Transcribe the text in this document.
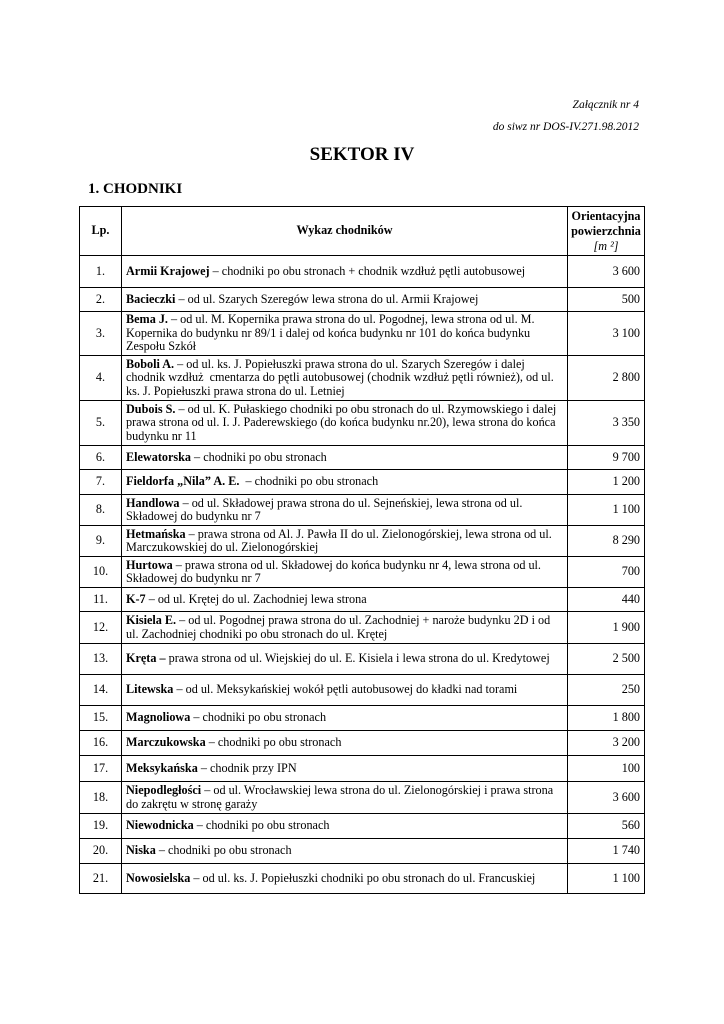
Załącznik nr 4
do siwz nr DOS-IV.271.98.2012
SEKTOR IV
1. CHODNIKI
Lp.	Wykaz chodników	Orientacyjna
powierzchnia
[m ²]
1.	Armii Krajowej – chodniki po obu stronach + chodnik wzdłuż pętli autobusowej	3 600
2.	Bacieczki – od ul. Szarych Szeregów lewa strona do ul. Armii Krajowej	500
3.	Bema J. – od ul. M. Kopernika prawa strona do ul. Pogodnej, lewa strona od ul. M. Kopernika do budynku nr 89/1 i dalej od końca budynku nr 101 do końca budynku Zespołu Szkół	3 100
4.	Boboli A. – od ul. ks. J. Popiełuszki prawa strona do ul. Szarych Szeregów i dalej chodnik wzdłuż  cmentarza do pętli autobusowej (chodnik wzdłuż pętli również), od ul. ks. J. Popiełuszki prawa strona do ul. Letniej	2 800
5.	Dubois S. – od ul. K. Pułaskiego chodniki po obu stronach do ul. Rzymowskiego i dalej prawa strona od ul. I. J. Paderewskiego (do końca budynku nr.20), lewa strona do końca budynku nr 11	3 350
6.	Elewatorska – chodniki po obu stronach	9 700
7.	Fieldorfa „Nila” A. E.  – chodniki po obu stronach	1 200
8.	Handlowa – od ul. Składowej prawa strona do ul. Sejneńskiej, lewa strona od ul. Składowej do budynku nr 7	1 100
9.	Hetmańska – prawa strona od Al. J. Pawła II do ul. Zielonogórskiej, lewa strona od ul. Marczukowskiej do ul. Zielonogórskiej	8 290
10.	Hurtowa – prawa strona od ul. Składowej do końca budynku nr 4, lewa strona od ul. Składowej do budynku nr 7	700
11.	K-7 – od ul. Krętej do ul. Zachodniej lewa strona	440
12.	Kisiela E. – od ul. Pogodnej prawa strona do ul. Zachodniej + naroże budynku 2D i od ul. Zachodniej chodniki po obu stronach do ul. Krętej	1 900
13.	Kręta – prawa strona od ul. Wiejskiej do ul. E. Kisiela i lewa strona do ul. Kredytowej	2 500
14.	Litewska – od ul. Meksykańskiej wokół pętli autobusowej do kładki nad torami	250
15.	Magnoliowa – chodniki po obu stronach	1 800
16.	Marczukowska – chodniki po obu stronach	3 200
17.	Meksykańska – chodnik przy IPN	100
18.	Niepodległości – od ul. Wrocławskiej lewa strona do ul. Zielonogórskiej i prawa strona do zakrętu w stronę garaży	3 600
19.	Niewodnicka – chodniki po obu stronach	560
20.	Niska – chodniki po obu stronach	1 740
21.	Nowosielska – od ul. ks. J. Popiełuszki chodniki po obu stronach do ul. Francuskiej	1 100
